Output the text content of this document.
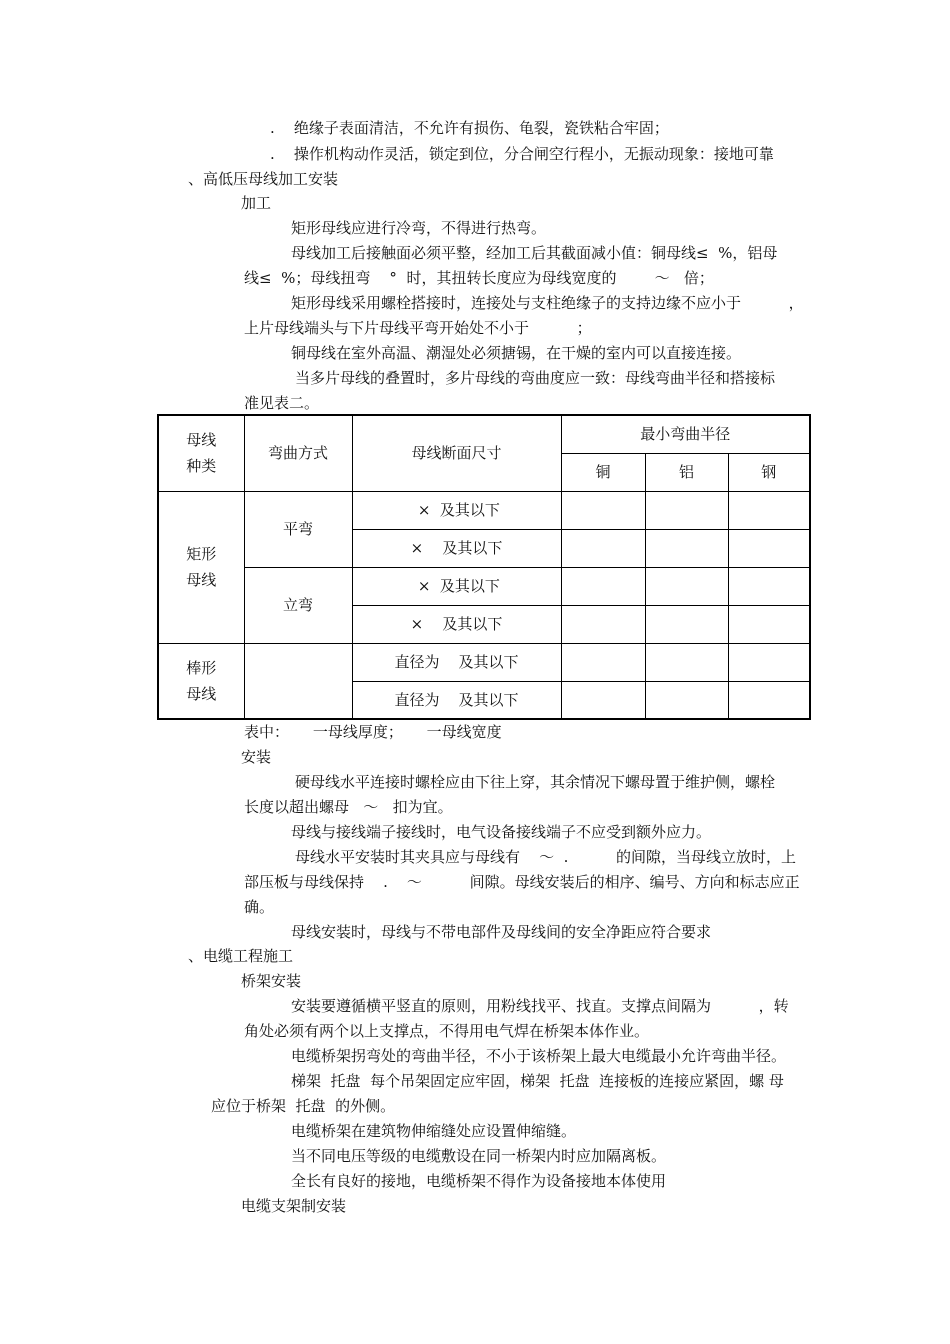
.    绝缘子表面清洁，不允许有损伤、龟裂，瓷铁粘合牢固；
.    操作机构动作灵活，锁定到位，分合闸空行程小，无振动现象：接地可靠
、高低压母线加工安装
加工
矩形母线应进行冷弯，不得进行热弯。
母线加工后接触面必须平整，经加工后其截面减小值：铜母线≤  %，铝母
线≤  %；母线扭弯    °  时，其扭转长度应为母线宽度的        ～   倍；
矩形母线采用螺栓搭接时，连接处与支柱绝缘子的支持边缘不应小于          ，
上片母线端头与下片母线平弯开始处不小于          ；
铜母线在室外高温、潮湿处必须搪锡，在干燥的室内可以直接连接。
当多片母线的叠置时，多片母线的弯曲度应一致：母线弯曲半径和搭接标
准见表二。
母线
种类	弯曲方式	母线断面尺寸	最小弯曲半径		
			铜	铝	钢
矩形
母线	平弯	×  及其以下			
		×    及其以下			
	立弯	×  及其以下			
		×    及其以下			
棒形
母线		直径为    及其以下			
		直径为    及其以下			
表中：     一母线厚度；     一母线宽度
安装
硬母线水平连接时螺栓应由下往上穿，其余情况下螺母置于维护侧，螺栓
长度以超出螺母   ～   扣为宜。
母线与接线端子接线时，电气设备接线端子不应受到额外应力。
母线水平安装时其夹具应与母线有    ～  .          的间隙，当母线立放时，上
部压板与母线保持    .    ～          间隙。母线安装后的相序、编号、方向和标志应正
确。
母线安装时，母线与不带电部件及母线间的安全净距应符合要求
、电缆工程施工
桥架安装
安装要遵循横平竖直的原则，用粉线找平、找直。支撑点间隔为          ，转
角处必须有两个以上支撑点，不得用电气焊在桥架本体作业。
电缆桥架拐弯处的弯曲半径，不小于该桥架上最大电缆最小允许弯曲半径。
梯架  托盘  每个吊架固定应牢固，梯架  托盘  连接板的连接应紧固，螺 母
应位于桥架  托盘  的外侧。
电缆桥架在建筑物伸缩缝处应设置伸缩缝。
当不同电压等级的电缆敷设在同一桥架内时应加隔离板。
全长有良好的接地，电缆桥架不得作为设备接地本体使用
电缆支架制安装
